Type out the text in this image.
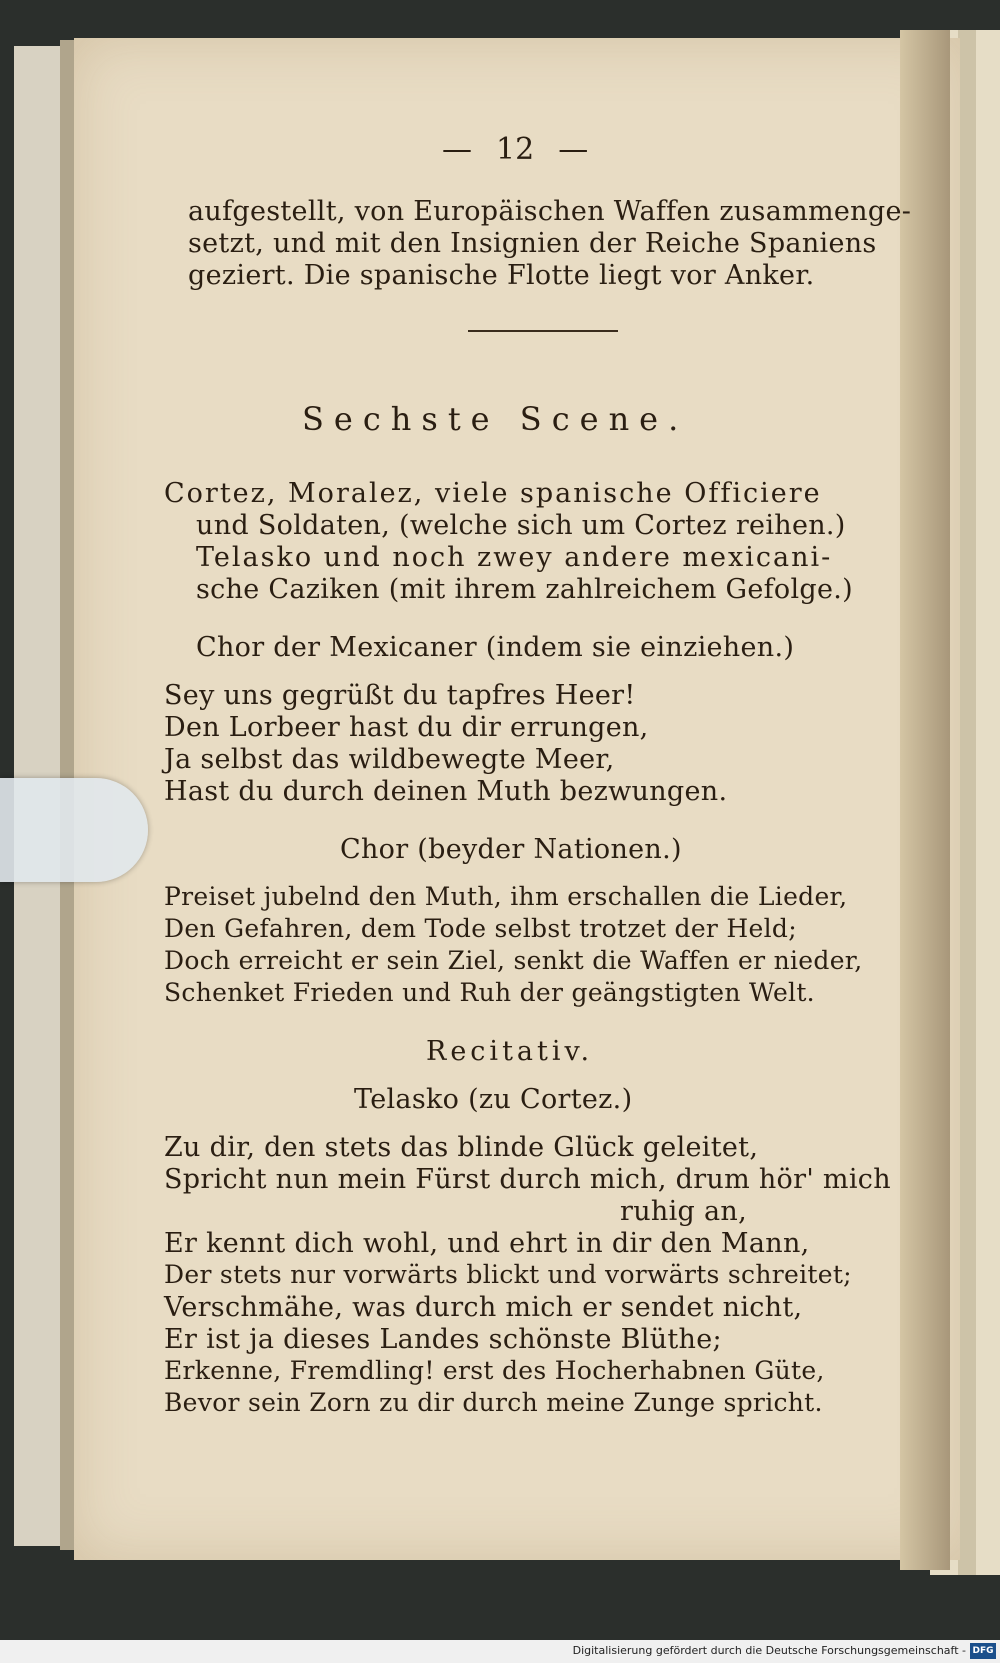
— 12 —
aufgestellt, von Europäischen Waffen zusammenge-
setzt, und mit den Insignien der Reiche Spaniens
geziert. Die spanische Flotte liegt vor Anker.
Sechste Scene.
Cortez, Moralez, viele spanische Officiere
und Soldaten, (welche sich um Cortez reihen.)
Telasko und noch zwey andere mexicani-
sche Caziken (mit ihrem zahlreichem Gefolge.)
Chor der Mexicaner (indem sie einziehen.)
Sey uns gegrüßt du tapfres Heer!
Den Lorbeer hast du dir errungen,
Ja selbst das wildbewegte Meer,
Hast du durch deinen Muth bezwungen.
Chor (beyder Nationen.)
Preiset jubelnd den Muth, ihm erschallen die Lieder,
Den Gefahren, dem Tode selbst trotzet der Held;
Doch erreicht er sein Ziel, senkt die Waffen er nieder,
Schenket Frieden und Ruh der geängstigten Welt.
Recitativ.
Telasko (zu Cortez.)
Zu dir, den stets das blinde Glück geleitet,
Spricht nun mein Fürst durch mich, drum hör' mich
ruhig an,
Er kennt dich wohl, und ehrt in dir den Mann,
Der stets nur vorwärts blickt und vorwärts schreitet;
Verschmähe, was durch mich er sendet nicht,
Er ist ja dieses Landes schönste Blüthe;
Erkenne, Fremdling! erst des Hocherhabnen Güte,
Bevor sein Zorn zu dir durch meine Zunge spricht.
Digitalisierung gefördert durch die Deutsche Forschungsgemeinschaft - DFG
